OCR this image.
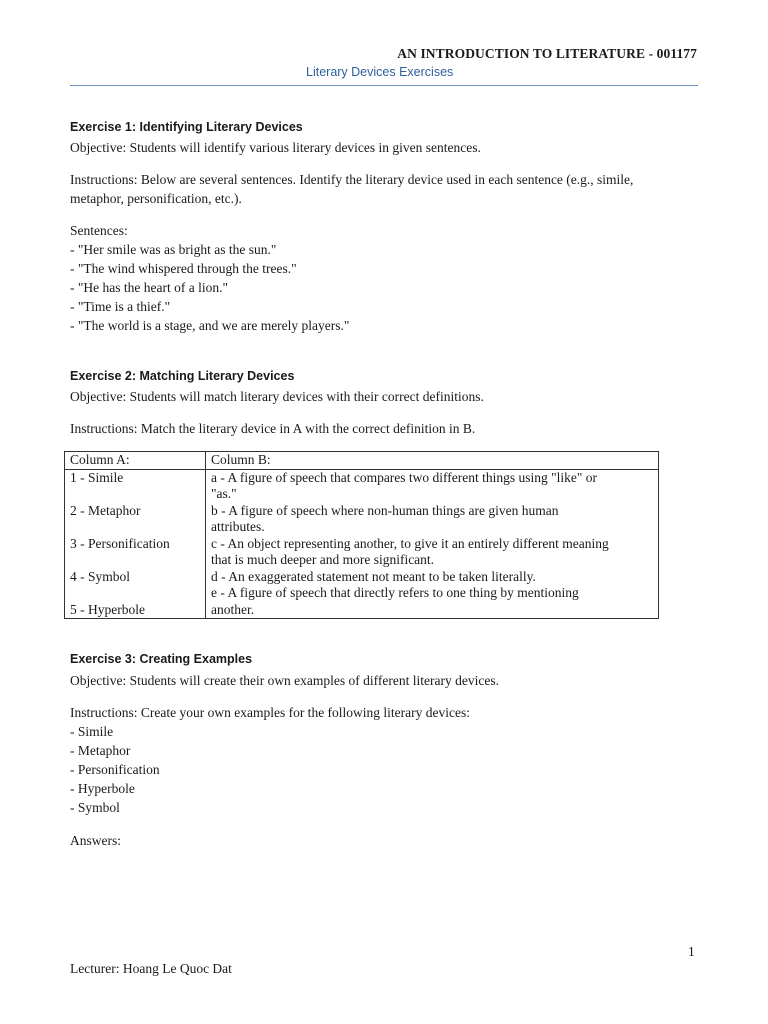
AN INTRODUCTION TO LITERATURE - 001177
Literary Devices Exercises
Exercise 1: Identifying Literary Devices
Objective: Students will identify various literary devices in given sentences.
Instructions: Below are several sentences. Identify the literary device used in each sentence (e.g., simile,
metaphor, personification, etc.).
Sentences:
- "Her smile was as bright as the sun."
- "The wind whispered through the trees."
- "He has the heart of a lion."
- "Time is a thief."
- "The world is a stage, and we are merely players."
Exercise 2: Matching Literary Devices
Objective: Students will match literary devices with their correct definitions.
Instructions: Match the literary device in A with the correct definition in B.
Column A:	Column B:
1 - Simile	a - A figure of speech that compares two different things using "like" or
"as."
2 - Metaphor	b - A figure of speech where non-human things are given human
attributes.
3 - Personification	c - An object representing another, to give it an entirely different meaning
that is much deeper and more significant.
4 - Symbol	d - An exaggerated statement not meant to be taken literally.
5 - Hyperbole	e - A figure of speech that directly refers to one thing by mentioning
another.
Exercise 3: Creating Examples
Objective: Students will create their own examples of different literary devices.
Instructions: Create your own examples for the following literary devices:
- Simile
- Metaphor
- Personification
- Hyperbole
- Symbol
Answers:
1
Lecturer: Hoang Le Quoc Dat
